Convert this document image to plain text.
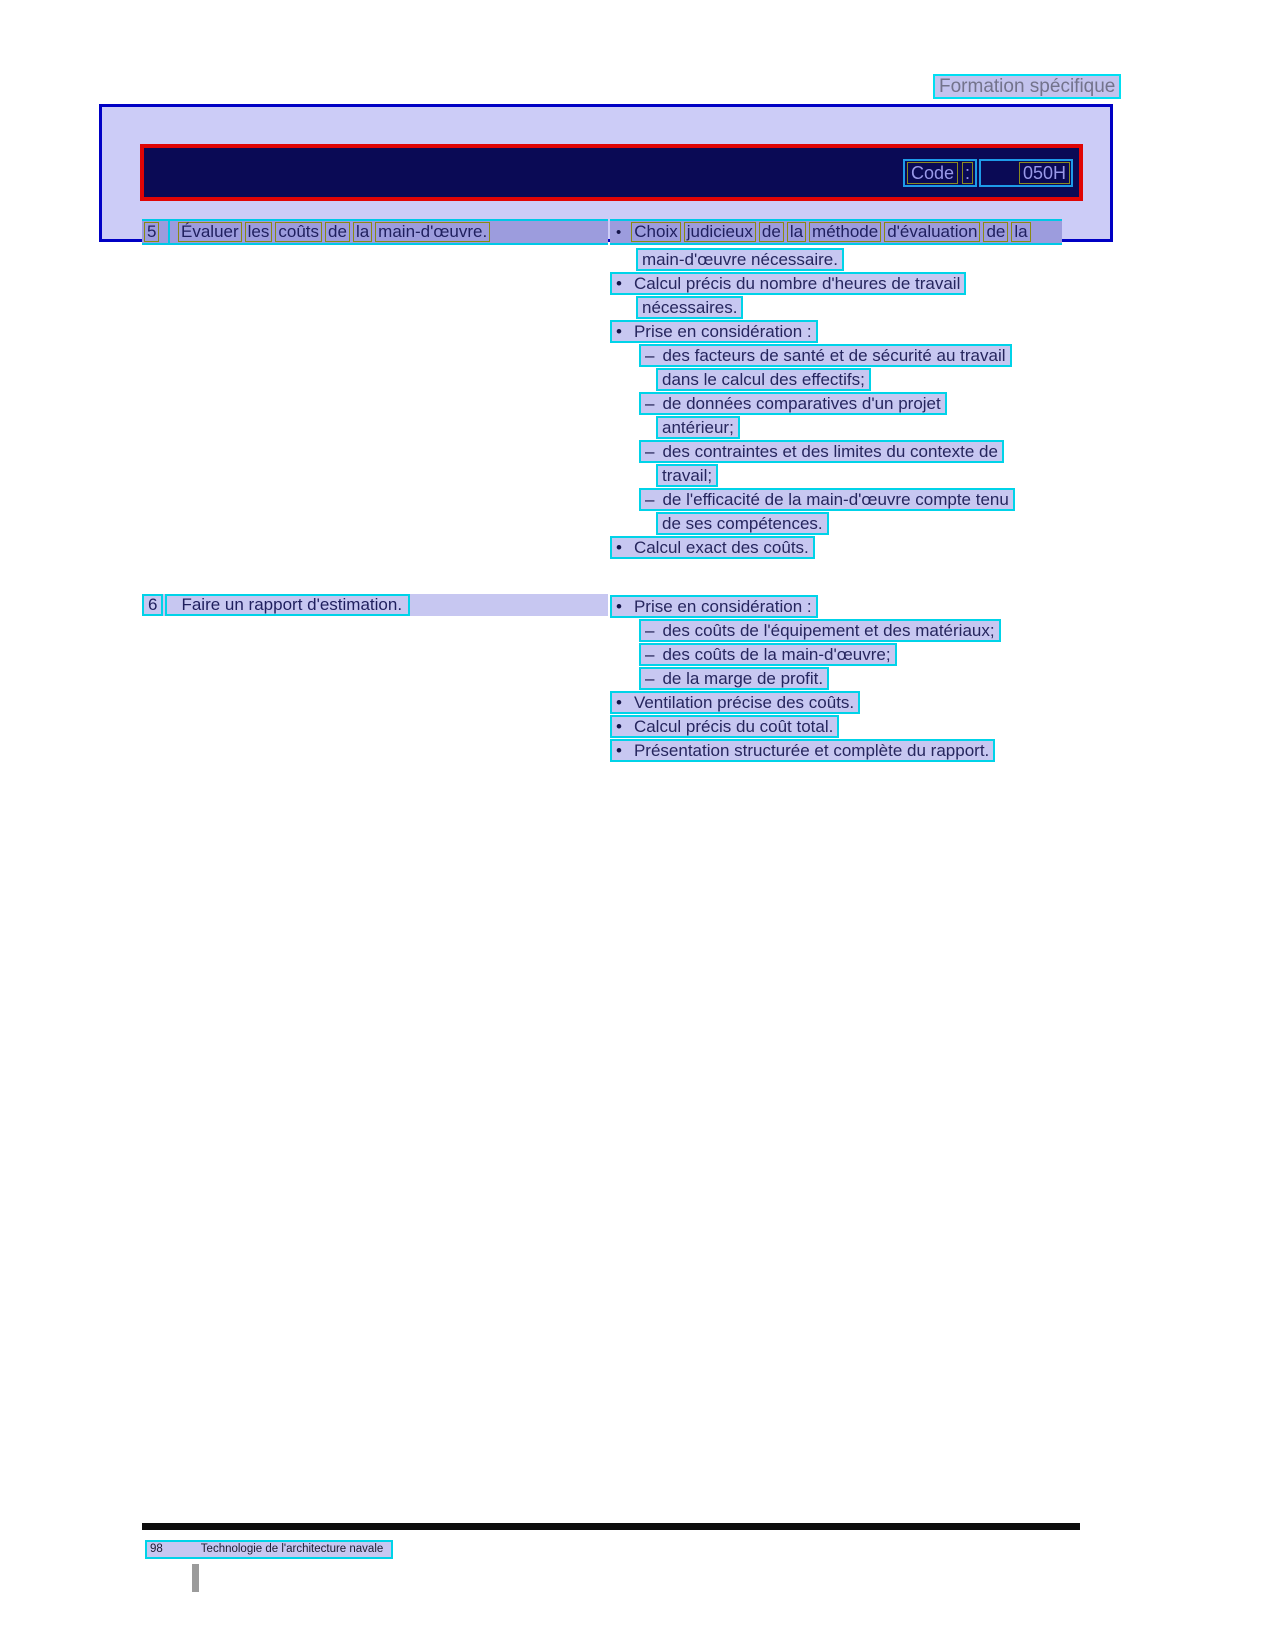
Formation spécifique
Code :	050H
5 Évaluer les coûts de la main-d'œuvre.	• Choix judicieux de la méthode d'évaluation de la
main-d'œuvre nécessaire.
• Calcul précis du nombre d'heures de travail
nécessaires.
• Prise en considération :
– des facteurs de santé et de sécurité au travail
dans le calcul des effectifs;
– de données comparatives d'un projet
antérieur;
– des contraintes et des limites du contexte de
travail;
– de l'efficacité de la main-d'œuvre compte tenu
de ses compétences.
• Calcul exact des coûts.
6 Faire un rapport d'estimation.	• Prise en considération :
– des coûts de l'équipement et des matériaux;
– des coûts de la main-d'œuvre;
– de la marge de profit.
• Ventilation précise des coûts.
• Calcul précis du coût total.
• Présentation structurée et complète du rapport.
98	Technologie de l'architecture navale
